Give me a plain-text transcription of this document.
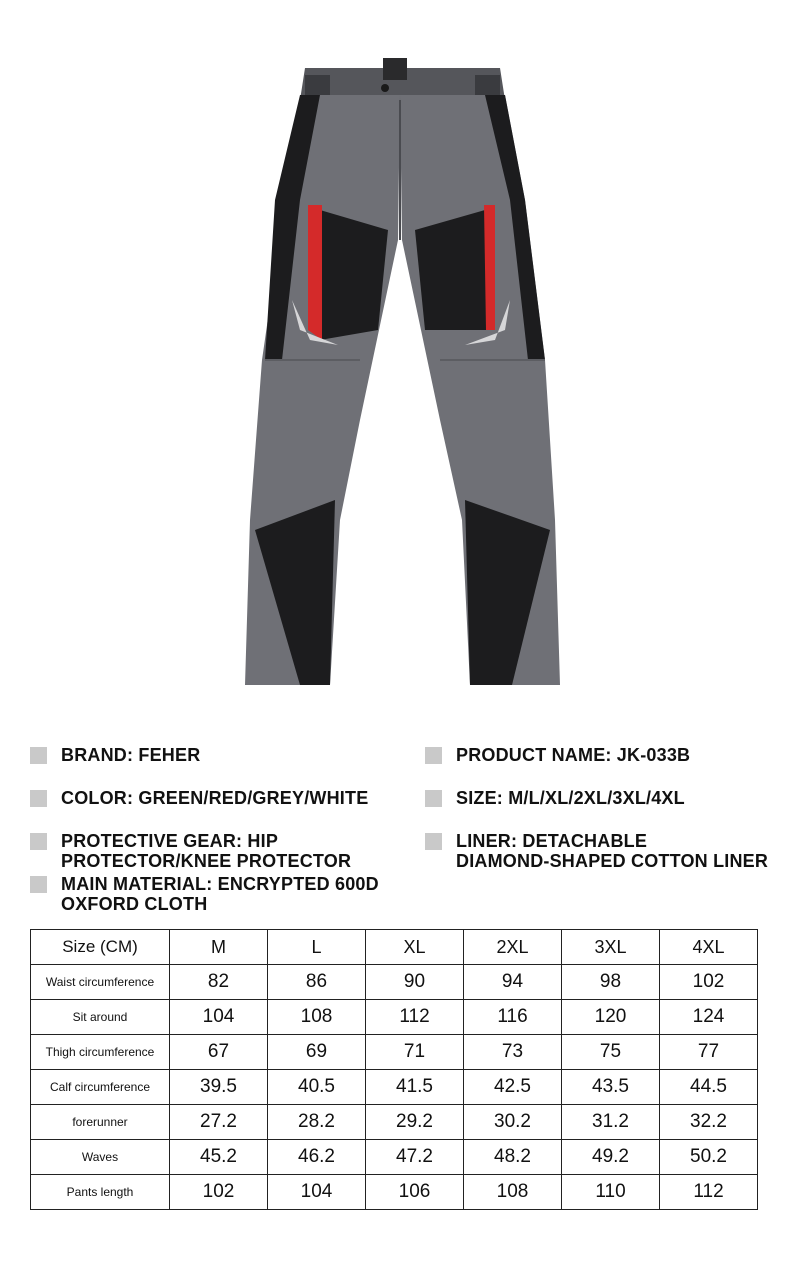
BRAND: FEHER	PRODUCT NAME: JK-033B
COLOR: GREEN/RED/GREY/WHITE	SIZE: M/L/XL/2XL/3XL/4XL
PROTECTIVE GEAR: HIP
PROTECTOR/KNEE PROTECTOR
LINER: DETACHABLE
DIAMOND-SHAPED COTTON LINER
MAIN MATERIAL: ENCRYPTED 600D
OXFORD CLOTH
Size (CM)	M	L	XL	2XL	3XL	4XL
Waist circumference	82	86	90	94	98	102
Sit around	104	108	112	116	120	124
Thigh circumference	67	69	71	73	75	77
Calf circumference	39.5	40.5	41.5	42.5	43.5	44.5
forerunner	27.2	28.2	29.2	30.2	31.2	32.2
Waves	45.2	46.2	47.2	48.2	49.2	50.2
Pants length	102	104	106	108	110	112
